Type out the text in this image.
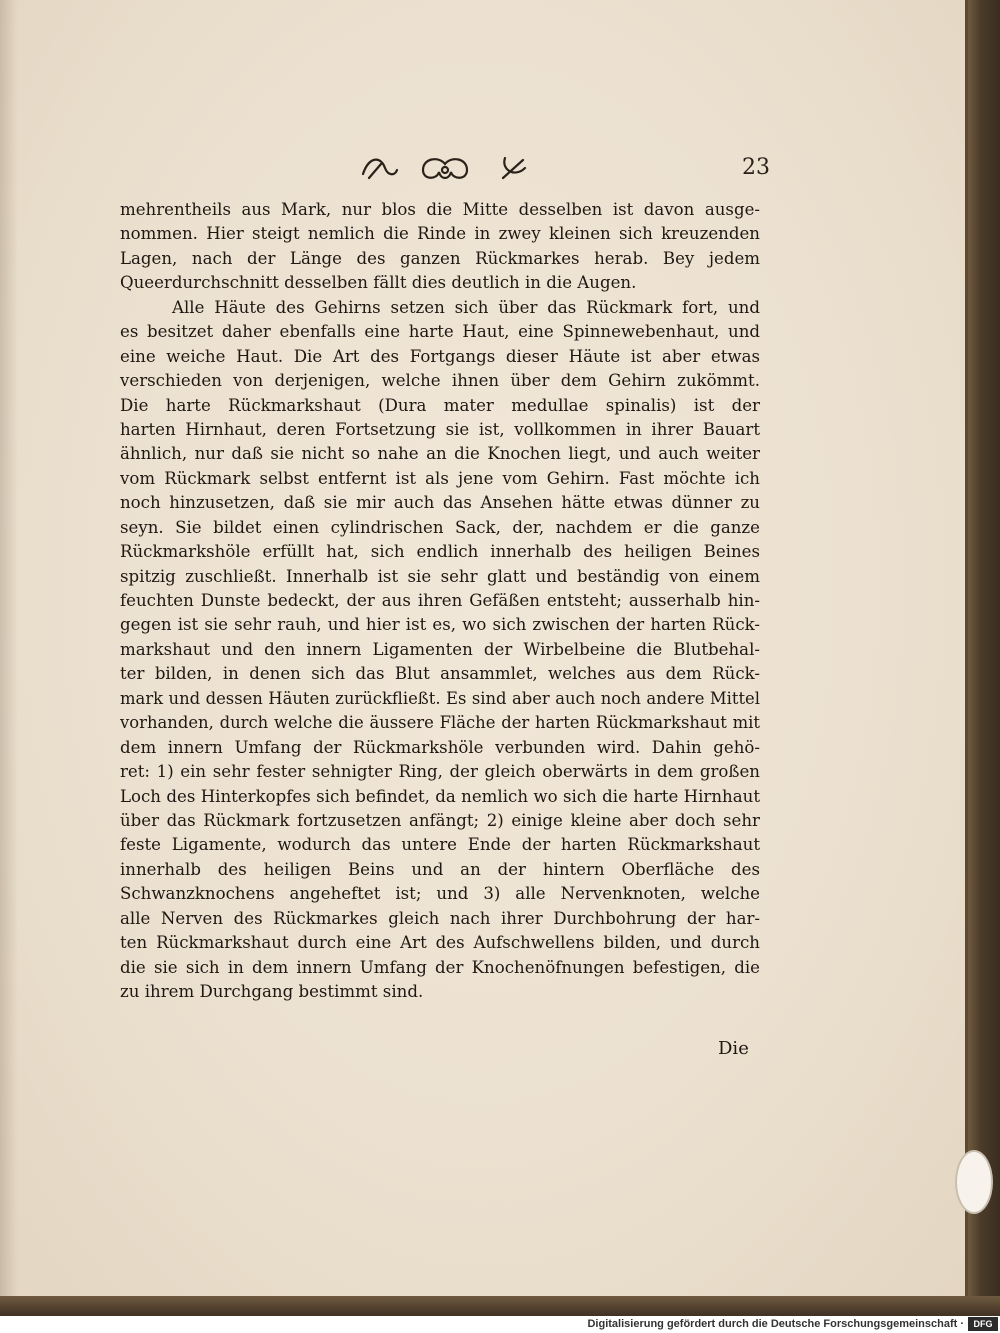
23
mehrentheils aus Mark, nur blos die Mitte desselben ist davon ausge-
nommen. Hier steigt nemlich die Rinde in zwey kleinen sich kreuzenden
Lagen, nach der Länge des ganzen Rückmarkes herab. Bey jedem
Queerdurchschnitt desselben fällt dies deutlich in die Augen.
Alle Häute des Gehirns setzen sich über das Rückmark fort, und
es besitzet daher ebenfalls eine harte Haut, eine Spinnewebenhaut, und
eine weiche Haut. Die Art des Fortgangs dieser Häute ist aber etwas
verschieden von derjenigen, welche ihnen über dem Gehirn zukömmt.
Die harte Rückmarkshaut (Dura mater medullae spinalis) ist der
harten Hirnhaut, deren Fortsetzung sie ist, vollkommen in ihrer Bauart
ähnlich, nur daß sie nicht so nahe an die Knochen liegt, und auch weiter
vom Rückmark selbst entfernt ist als jene vom Gehirn. Fast möchte ich
noch hinzusetzen, daß sie mir auch das Ansehen hätte etwas dünner zu
seyn. Sie bildet einen cylindrischen Sack, der, nachdem er die ganze
Rückmarkshöle erfüllt hat, sich endlich innerhalb des heiligen Beines
spitzig zuschließt. Innerhalb ist sie sehr glatt und beständig von einem
feuchten Dunste bedeckt, der aus ihren Gefäßen entsteht; ausserhalb hin-
gegen ist sie sehr rauh, und hier ist es, wo sich zwischen der harten Rück-
markshaut und den innern Ligamenten der Wirbelbeine die Blutbehal-
ter bilden, in denen sich das Blut ansammlet, welches aus dem Rück-
mark und dessen Häuten zurückfließt. Es sind aber auch noch andere Mittel
vorhanden, durch welche die äussere Fläche der harten Rückmarkshaut mit
dem innern Umfang der Rückmarkshöle verbunden wird. Dahin gehö-
ret: 1) ein sehr fester sehnigter Ring, der gleich oberwärts in dem großen
Loch des Hinterkopfes sich befindet, da nemlich wo sich die harte Hirnhaut
über das Rückmark fortzusetzen anfängt; 2) einige kleine aber doch sehr
feste Ligamente, wodurch das untere Ende der harten Rückmarkshaut
innerhalb des heiligen Beins und an der hintern Oberfläche des
Schwanzknochens angeheftet ist; und 3) alle Nervenknoten, welche
alle Nerven des Rückmarkes gleich nach ihrer Durchbohrung der har-
ten Rückmarkshaut durch eine Art des Aufschwellens bilden, und durch
die sie sich in dem innern Umfang der Knochenöfnungen befestigen, die
zu ihrem Durchgang bestimmt sind.
Die
Digitalisierung gefördert durch die Deutsche Forschungsgemeinschaft ·	DFG
